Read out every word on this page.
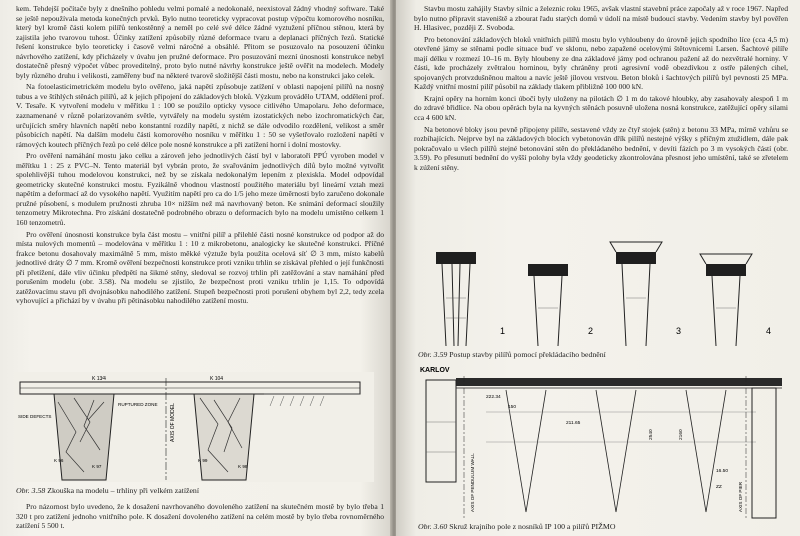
kem. Tehdejší počítače byly z dnešního pohledu velmi pomalé a nedokonalé, neexistoval žádný vhodný software. Také se ještě nepoužívala metoda konečných prvků. Bylo nutno teoreticky vypracovat postup výpočtu komorového nosníku, který byl kromě části kolem pilířů tenkostěnný a neměl po celé své délce žádné vyztužení příčnou stěnou, která by zajistila jeho tvarovou tuhost. Účinky zatížení způsobily různé deformace tvaru a deplanaci příčných řezů. Statické řešení konstrukce bylo teoreticky i časově velmi náročné a obsáhlé. Přitom se posuzovalo na posouzení účinku návrhového zatížení, kdy přicházely v úvahu jen pružné deformace. Pro posuzování mezní únosnosti konstrukce nebyl dostatečně přesný výpočet vůbec proveditelný, proto bylo nutné návrhy konstrukce ještě ověřit na modelech. Modely byly různého druhu i velikosti, zaměřeny buď na některé tvarově složitější části mostu, nebo na konstrukci jako celek.

Na fotoelasticimetrickém modelu bylo ověřeno, jaká napětí způsobuje zatížení v oblasti napojení pilířů na nosný tubus a ve štíhlých stěnách pilířů, až k jejich připojení do základových bloků. Výzkum provádělo UTAM, oddělení prof. V. Tesaře. K vytvoření modelu v měřítku 1 : 100 se použilo opticky vysoce citlivého Umapolaru. Jeho deformace, zaznamenané v různě polarizovaném světle, vytvářely na modelu systém izostatických nebo izochromatických čar, určujících směry hlavních napětí nebo konstantní rozdíly napětí, z nichž se dále odvodilo rozdělení, velikost a směr působících napětí. Na dalším modelu části komorového nosníku v měřítku 1 : 50 se vyšetřovalo rozložení napětí v rámových koutech příčných řezů po celé délce pole nosné konstrukce a při zatížení horní i dolní mostovky.

Pro ověření namáhání mostu jako celku a zároveň jeho jednotlivých částí byl v laboratoři PPÚ vyroben model v měřítku 1 : 25 z PVC–N. Tento materiál byl vybrán proto, že svařováním jednotlivých dílů bylo možné vytvořit spolehlivější tuhou modelovou konstrukci, než by se získala nedokonalým lepením z plexiskla. Model odpovídal geometricky skutečné konstrukci mostu. Fyzikálně vhodnou vlastností použitého materiálu byl lineární vztah mezi napětím a deformací až do vysokého napětí. Využitím napětí pro ca do 1/5 jeho meze úměrnosti bylo zaručeno dokonale pružné působení, s modulem pružnosti zhruba 10× nižším než má navrhovaný beton. Ke snímání deformací sloužily tenzometry Mikrotechna. Pro získání dostatečně podrobného obrazu o deformacích bylo na modelu umístěno celkem 1 160 tenzometrů.

Pro ověření únosnosti konstrukce byla část mostu – vnitřní pilíř a přilehlé části nosné konstrukce od podpor až do místa nulových momentů – modelována v měřítku 1 : 10 z mikrobetonu, analogicky ke skutečné konstrukci. Příčné frakce betonu dosahovaly maximálně 5 mm, místo měkké výztuže byla použita ocelová síť ∅ 3 mm, místo kabelů jednotlivé dráty ∅ 7 mm. Kromě ověření bezpečnosti konstrukce proti vzniku trhlin se získával přehled o její funkčnosti při přetížení, dále vliv účinku předpětí na šikmé stěny, sledoval se rozvoj trhlin při zatěžování a stav namáhání před porušením modelu (obr. 3.58). Na modelu se zjistilo, že bezpečnost proti vzniku trhlin je 1,15. To odpovídá zatěžovacímu stavu při dvojnásobku nahodilého zatížení. Stupeň bezpečnosti proti porušení obyhem byl 2,2, tedy zcela vyhovující a přichází by v úvahu při pětinásobku nahodilého zatížení mostu.

K 13⁄4	K 104
SIDE DEFECTS
RUPTURED ZONE AXIS OF MODEL
K 96
K 97
K 99
K 98
Obr. 3.58 Zkouška na modelu – trhliny při velkém zatížení

Pro názornost bylo uvedeno, že k dosažení navrhovaného dovoleného zatížení na skutečném mostě by bylo třeba 1 320 t pro zatížení jednoho vnitřního pole. K dosažení dovoleného zatížení na celém mostě by bylo třeba rovnoměrného zatížení 5 500 t.

Stavbu mostu zahájily Stavby silnic a železnic roku 1965, avšak vlastní stavební práce započaly až v roce 1967. Napřed bylo nutno připravit staveniště a zbourat řadu starých domů v údolí na místě budoucí stavby. Vedením stavby byl pověřen H. Hlasivec, později Z. Svoboda.

Pro betonování základových bloků vnitřních pilířů mostu bylo vyhloubeny do úrovně jejich spodního líce (cca 4,5 m) otevřené jámy se stěnami podle situace buď ve sklonu, nebo zapažené ocelovými štětovnicemi Larsen. Šachtové pilíře mají délku v rozmezí 10–16 m. Byly hloubeny ze dna základové jámy pod ochranou pažení až do nezvětralé horniny. V části, kde procházely zvětralou horninou, byly chráněny proti agresivní vodě obezdívkou z ostře pálených cihel, spojovaných protvzdušněnou maltou a navíc ještě jílovou vrstvou. Beton bloků i šachtových pilířů byl pevnosti 25 MPa. Každý vnitřní mostní pilíř působil na základy tlakem přibližně 100 000 kN.

Krajní opěry na horním konci úbočí byly uloženy na pilotách ∅ 1 m do takové hloubky, aby zasahovaly alespoň 1 m do zdravé břidlice. Na obou opěrách byla na kyvných stěnách posuvně uložena nosná konstrukce, zatěžující opěry silami cca 4 600 kN.

Na betonové bloky jsou pevně připojeny pilíře, sestavené vždy ze čtyř stojek (stěn) z betonu 33 MPa, mírně vzhůru se rozbíhajících. Nejprve byl na základových blocích vybetonován dřík pilířů nestejné výšky s příčným ztužidlem, dále pak pokračovalo u všech pilířů stejné betonování stěn do překládaného bednění, v devíti fázích po 3 m vysokých částí (obr. 3.59). Po přesunutí bednění do vyšší polohy byla vždy geodeticky zkontrolována přesnost jeho umístění, také se zřetelem k zúžení stěny.

1	2	3	4
Obr. 3.59 Postup stavby pilířů pomocí překládacího bednění
KARLOV
AXIS OF PENDULUM WALL
222.34
150
211.65
2540	2160
16.50
AXIS OF PIER
ZZ
Obr. 3.60 Skruž krajního pole z nosníků IP 100 a pilířů PIŽMO
